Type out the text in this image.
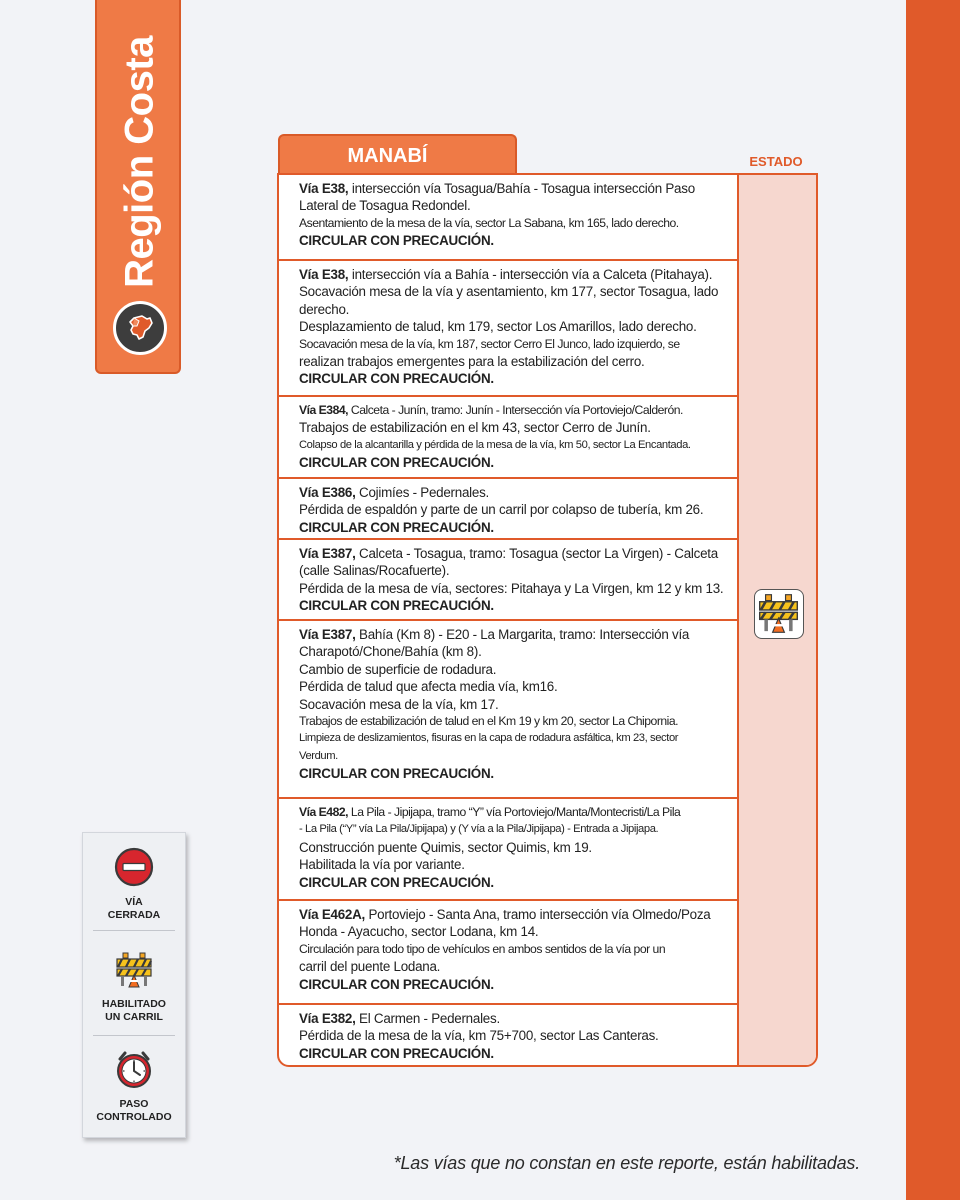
Región Costa
VÍA
CERRADA
HABILITADO
UN CARRIL
PASO
CONTROLADO
MANABÍ	ESTADO
Vía E38, intersección vía Tosagua/Bahía - Tosagua intersección Paso
Lateral de Tosagua Redondel.
Asentamiento de la mesa de la vía, sector La Sabana, km 165, lado derecho.
CIRCULAR CON PRECAUCIÓN.
Vía E38, intersección vía a Bahía - intersección vía a Calceta (Pitahaya).
Socavación mesa de la vía y asentamiento, km 177, sector Tosagua, lado
derecho.
Desplazamiento de talud, km 179, sector Los Amarillos, lado derecho.
Socavación mesa de la vía, km 187, sector Cerro El Junco, lado izquierdo, se
realizan trabajos emergentes para la estabilización del cerro.
CIRCULAR CON PRECAUCIÓN.
Vía E384, Calceta - Junín, tramo: Junín - Intersección vía Portoviejo/Calderón.
Trabajos de estabilización en el km 43, sector Cerro de Junín.
Colapso de la alcantarilla y pérdida de la mesa de la vía, km 50, sector La Encantada.
CIRCULAR CON PRECAUCIÓN.
Vía E386, Cojimíes - Pedernales.
Pérdida de espaldón y parte de un carril por colapso de tubería, km 26.
CIRCULAR CON PRECAUCIÓN.
Vía E387, Calceta - Tosagua, tramo: Tosagua (sector La Virgen) - Calceta
(calle Salinas/Rocafuerte).
Pérdida de la mesa de vía, sectores: Pitahaya y La Virgen, km 12 y km 13.
CIRCULAR CON PRECAUCIÓN.
Vía E387, Bahía (Km 8) - E20 - La Margarita, tramo: Intersección vía
Charapotó/Chone/Bahía (km 8).
Cambio de superficie de rodadura.
Pérdida de talud que afecta media vía, km16.
Socavación mesa de la vía, km 17.
Trabajos de estabilización de talud en el Km 19 y km 20, sector La Chipornia.
Limpieza de deslizamientos, fisuras en la capa de rodadura asfáltica, km 23, sector
Verdum.
CIRCULAR CON PRECAUCIÓN.
Vía E482, La Pila - Jipijapa, tramo “Y” vía Portoviejo/Manta/Montecristi/La Pila
- La Pila (“Y” vía La Pila/Jipijapa) y (Y vía a la Pila/Jipijapa) - Entrada a Jipijapa.
Construcción puente Quimis, sector Quimis, km 19.
Habilitada la vía por variante.
CIRCULAR CON PRECAUCIÓN.
Vía E462A, Portoviejo - Santa Ana, tramo intersección vía Olmedo/Poza
Honda - Ayacucho, sector Lodana, km 14.
Circulación para todo tipo de vehículos en ambos sentidos de la vía por un
carril del puente Lodana.
CIRCULAR CON PRECAUCIÓN.
Vía E382, El Carmen - Pedernales.
Pérdida de la mesa de la vía, km 75+700, sector Las Canteras.
CIRCULAR CON PRECAUCIÓN.
*Las vías que no constan en este reporte, están habilitadas.
